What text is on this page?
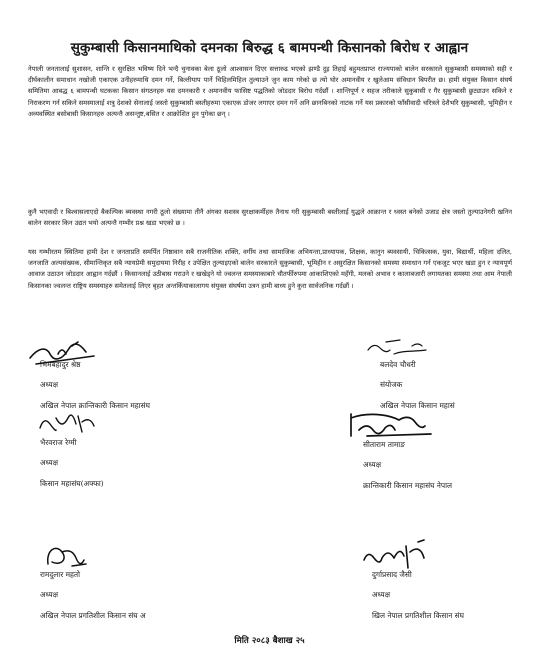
सुकुम्बासी किसानमाथिको दमनका बिरुद्ध ६ बामपन्थी किसानको बिरोध र आह्वान

नेपाली जनतालाई सुशासन, शान्ति र सुरक्षित भविष्य दिने भन्दै चुनावका बेला ठूलो आश्वासन दिएर सत्तारुढ भएको झण्डै दुइ तिहाई बहुमतप्राप्त राज्यपाको बालेन सरकारले सुकुम्बासी समस्याको सही र दीर्घकालीन समाधान नखोजी एकाएक उनीहरुमाथि दमन गर्ने, बिल्तीयाप पार्ने चिहिलमिहिल तुल्याउने जुन काम गरेको छ त्यो घोर अमानवीय र खुलेआम संविधान बिपरीत छ। हामी संयुक्त किसान संघर्ष समितिमा आबद्ध ६ बामपन्थी घटकका किसान संगठनहरु यस दमनकारी र अमानवीय फासिष्ट पद्धतिको जोडदार बिरोध गर्दछौं । शान्तिपूर्ण र सहज तरीकाले सुकुबासी र गैर सुकुम्बासी छुट्याउन सकिने र निराकरण गर्न सकिने समस्यालाई शत्रु देशको सेनालाई जस्तो सुकुम्बासी बस्तीहरुमा एकाएक डोजर लगाएर दमन गर्ने अनि छानबिनको नाटक गर्ने यस प्रकारको फाँसीवादी चरित्रले देशैभरि सुकुम्बासी, भूमिहीन र अव्यवस्थित बसोबासी किसानहरु अत्यन्तै असन्तुष्ट,बसित र आक्रोशित हुन पुगेका छन् ।

कुनै भएवादी र बिश्वासलाएदो बैकल्पिक ब्यवस्था नगरी ठूलो संख्यामा तीनै अंगका सशस्त्र सुरक्षाकर्मीहरु तैनाथ गरी सुकुम्बासी बस्तीलाई युद्धले आक्रान्त र ध्वस्त बनेको उजाड क्षेत्र जस्तो तुल्याउनेगरी खनिन बालेन सरकार किन उद्यत भयो अत्यन्तै गम्भीर प्रश्न खडा भएको छ ।

यस गम्भीरतम स्थितिमा हामी देश र जनताप्रति समर्पित निष्ठावान सबै राजनीतिक शक्ति, वर्गीय तथा सामाजिक अभियन्ता,प्राध्यापक, शिक्षक, कानुन ब्यवसायी, चिकित्सक, युवा, बिद्यार्थी, महिला दलित, जनजाति अल्पसंख्यक, सीमान्तिकृत सबै न्यायप्रेमी समुदायमा निरीह र उपेक्षित तुल्याइएको बालेन सरकारले सुकुम्बासी, भूमिहीन र असुरक्षित किसानको समस्या समाधान गर्न एकजुट भएर खडा हुन र न्यायपूर्ण आवाज उठाउन जोडदार आह्वान गर्दछौं । किसानलाई उठीबास गराउने र खखेड्ने यो ज्वलन्त समस्याकाबारे चौतर्फीरुपमा आकाशिएको महँगी, मलको अभाव र कालाबजारी लगायतका समस्या तथा आम नेपाली किसानका ज्वलन्त राष्ट्रिय समस्याहरु समेतलाई लिएर बृहत अन्तर्कियाकालागय संयुक्त संघर्षमा उत्रन हामी बाध्य हुने कुरा सार्वजनिक गर्दछौं ।

भिमबहादुर श्रेष्ठ
अध्यक्ष
अखिल नेपाल क्रान्तिकारी किसान महासंघ
बलदेव चौधरी
संयोजक
अखिल नेपाल किसान महासं
भैरवराज रेग्मी
अध्यक्ष
किसान महासंघ(अफ्फा)
सीताराम तामाङ
अध्यक्ष
क्रान्तिकारी किसान महासंघ नेपाल
रामदुलार महतो
अध्यक्ष
अखिल नेपाल प्रगतिशील किसान संघ अ
दुर्गाप्रसाद जैसी
अध्यक्ष
खिल नेपाल प्रगतिशील किसान संघ
मिति २०८३ बैशाख २५
